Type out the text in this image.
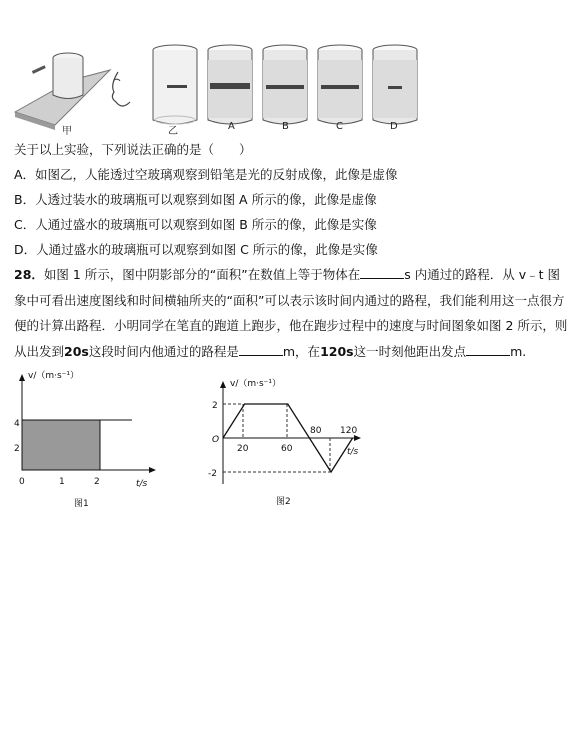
甲	乙	A	B	C	D
关于以上实验，下列说法正确的是（　　）
A．如图乙，人能透过空玻璃观察到铅笔是光的反射成像，此像是虚像
B．人透过装水的玻璃瓶可以观察到如图 A 所示的像，此像是虚像
C．人通过盛水的玻璃瓶可以观察到如图 B 所示的像，此像是实像
D．人通过盛水的玻璃瓶可以观察到如图 C 所示的像，此像是实像
28．如图 1 所示，图中阴影部分的“面积”在数值上等于物体在	s 内通过的路程．从 v﹣t 图象中可看出速度图线和时间横轴所夹的“面积”可以表示该时间内通过的路程，我们能利用这一点很方便的计算出路程．小明同学在笔直的跑道上跑步，他在跑步过程中的速度与时间图象如图 2 所示，则从出发到20s这段时间内他通过的路程是	m，在120s这一时刻他距出发点	m.
v/（m·s⁻¹）
4
2
0	1	2	t/s
图1
v/（m·s⁻¹）
2
-2
O
20	60
80 120
t/s
图2
